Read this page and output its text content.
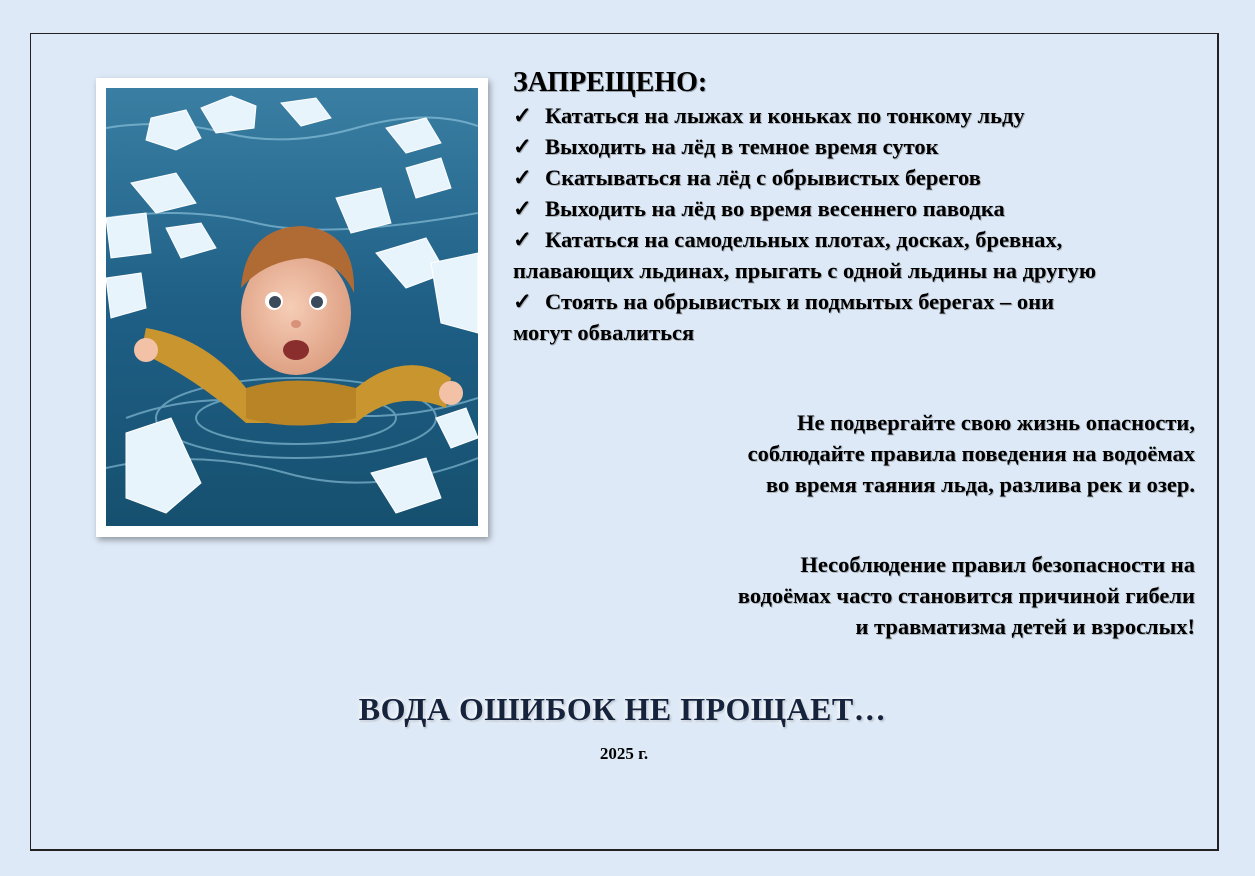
ЗАПРЕЩЕНО:
✓ Кататься на лыжах и коньках по тонкому льду
✓ Выходить на лёд в темное время суток
✓ Скатываться на лёд с обрывистых берегов
✓ Выходить на лёд во время весеннего паводка
✓ Кататься на самодельных плотах, досках, бревнах,
плавающих льдинах, прыгать с одной льдины на другую
✓ Стоять на обрывистых и подмытых берегах – они
могут обвалиться
Не подвергайте свою жизнь опасности,
соблюдайте правила поведения на водоёмах
во время таяния льда, разлива рек и озер.
Несоблюдение правил безопасности на
водоёмах часто становится причиной гибели
и травматизма детей и взрослых!
ВОДА ОШИБОК НЕ ПРОЩАЕТ…
2025 г.
